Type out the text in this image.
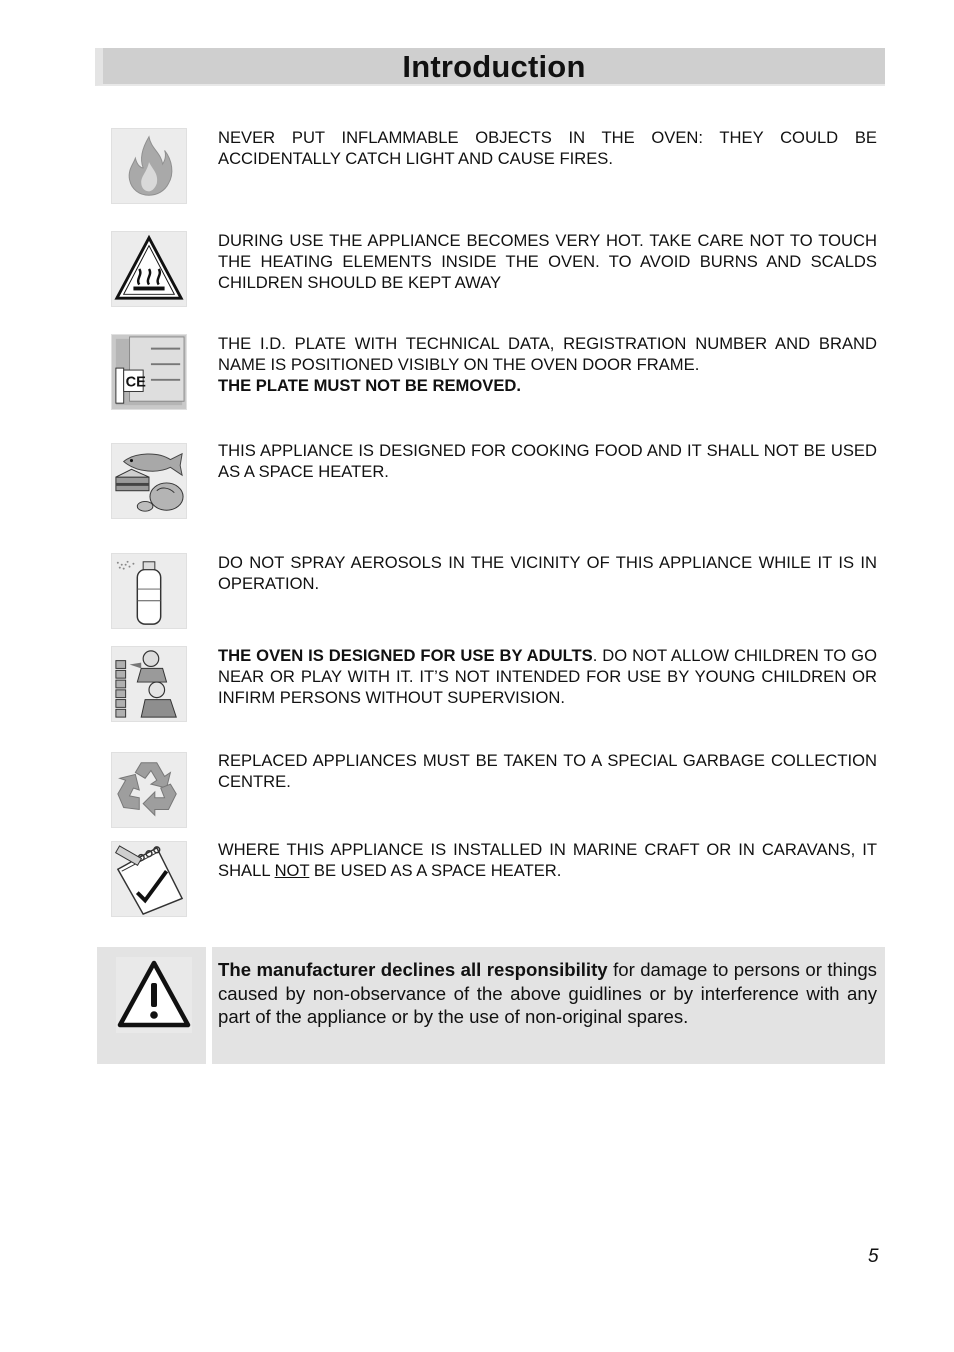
Introduction

NEVER PUT INFLAMMABLE OBJECTS IN THE OVEN: THEY COULD BE ACCIDENTALLY CATCH LIGHT AND CAUSE FIRES.

DURING USE THE APPLIANCE BECOMES VERY HOT. TAKE CARE NOT TO TOUCH THE HEATING ELEMENTS INSIDE THE OVEN. TO AVOID BURNS AND SCALDS CHILDREN SHOULD BE KEPT AWAY

CE

THE I.D. PLATE WITH TECHNICAL DATA, REGISTRATION NUMBER AND BRAND NAME IS POSITIONED VISIBLY ON THE OVEN DOOR FRAME.
THE PLATE MUST NOT BE REMOVED.

THIS APPLIANCE IS DESIGNED FOR COOKING FOOD AND IT SHALL NOT BE USED AS A SPACE HEATER.

DO NOT SPRAY AEROSOLS IN THE VICINITY OF THIS APPLIANCE WHILE IT IS IN OPERATION.

THE OVEN IS DESIGNED FOR USE BY ADULTS. DO NOT ALLOW CHILDREN TO GO NEAR OR PLAY WITH IT. IT’S NOT INTENDED FOR USE BY YOUNG CHILDREN OR INFIRM PERSONS WITHOUT SUPERVISION.

REPLACED APPLIANCES MUST BE TAKEN TO A SPECIAL GARBAGE COLLECTION CENTRE.

WHERE THIS APPLIANCE IS INSTALLED IN MARINE CRAFT OR IN CARAVANS, IT SHALL NOT BE USED AS A SPACE HEATER.

The manufacturer declines all responsibility for damage to persons or things caused by non-observance of the above guidlines or by interference with any part of the appliance or by the use of non-original spares.

5
